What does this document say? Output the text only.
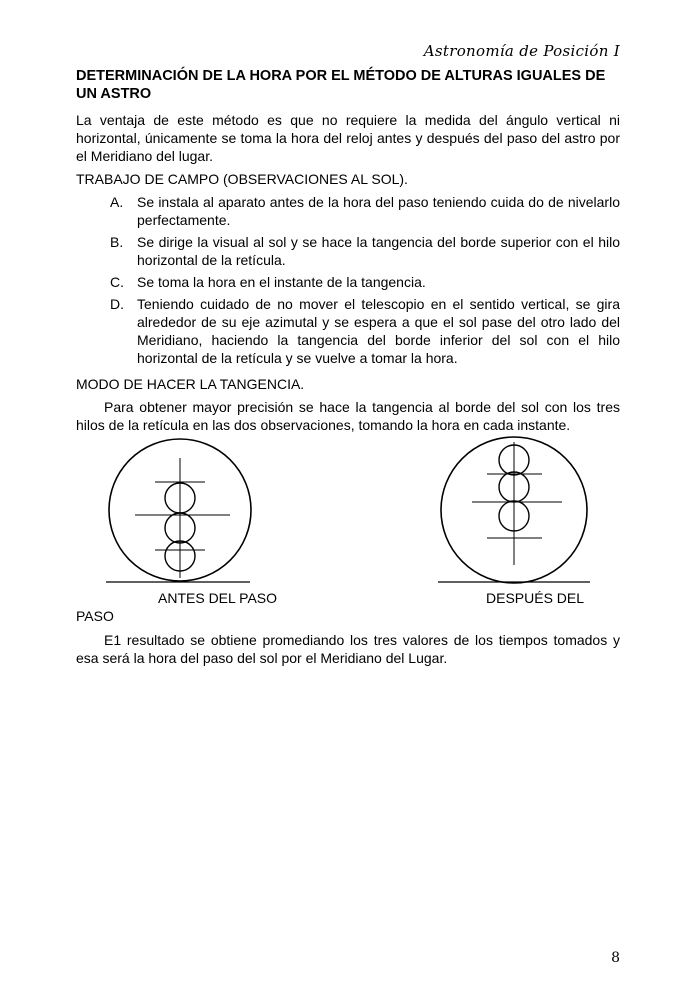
Astronomía de Posición I
DETERMINACIÓN DE LA HORA POR EL MÉTODO DE ALTURAS IGUALES DE UN ASTRO
La ventaja de este método es que no requiere la medida del ángulo vertical ni horizontal, únicamente se toma la hora del reloj antes y después del paso del astro por el Meridiano del lugar.
TRABAJO DE CAMPO (OBSERVACIONES AL SOL).
A. Se instala al aparato antes de la hora del paso teniendo cuida do de nivelarlo perfectamente.
B. Se dirige la visual al sol y se hace la tangencia del borde superior con el hilo horizontal de la retícula.
C. Se toma la hora en el instante de la tangencia.
D. Teniendo cuidado de no mover el telescopio en el sentido vertical, se gira alrededor de su eje azimutal y se espera a que el sol pase del otro lado del Meridiano, haciendo la tangencia del borde inferior del sol con el hilo horizontal de la retícula y se vuelve a tomar la hora.
MODO DE HACER LA TANGENCIA.
Para obtener mayor precisión se hace la tangencia al borde del sol con los tres hilos de la retícula en las dos observaciones, tomando la hora en cada instante.
ANTES DEL PASO	DESPUÉS DEL
PASO
E1 resultado se obtiene promediando los tres valores de los tiempos tomados y esa será la hora del paso del sol por el Meridiano del Lugar.
8
